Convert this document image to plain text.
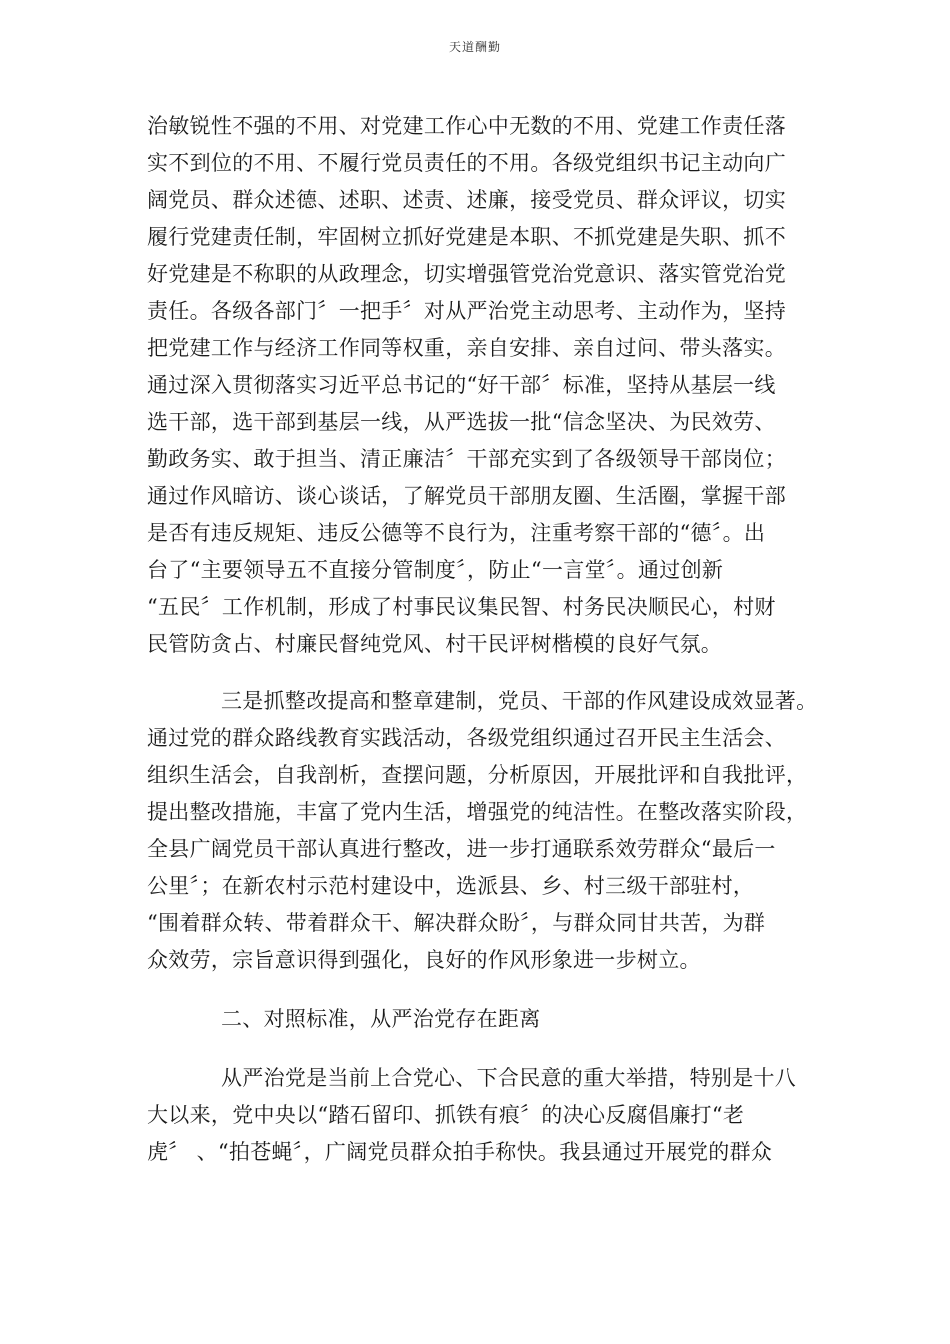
天道酬勤
治敏锐性不强的不用、对党建工作心中无数的不用、党建工作责任落
实不到位的不用、不履行党员责任的不用。各级党组织书记主动向广
阔党员、群众述德、述职、述责、述廉，接受党员、群众评议，切实
履行党建责任制，牢固树立抓好党建是本职、不抓党建是失职、抓不
好党建是不称职的从政理念，切实增强管党治党意识、落实管党治党
责任。各级各部门〞一把手〞对从严治党主动思考、主动作为，坚持
把党建工作与经济工作同等权重，亲自安排、亲自过问、带头落实。
通过深入贯彻落实习近平总书记的“好干部〞标准，坚持从基层一线
选干部，选干部到基层一线，从严选拔一批“信念坚决、为民效劳、
勤政务实、敢于担当、清正廉洁〞干部充实到了各级领导干部岗位；
通过作风暗访、谈心谈话，了解党员干部朋友圈、生活圈，掌握干部
是否有违反规矩、违反公德等不良行为，注重考察干部的“德〞。出
台了“主要领导五不直接分管制度〞，防止“一言堂〞。通过创新
“五民〞工作机制，形成了村事民议集民智、村务民决顺民心，村财
民管防贪占、村廉民督纯党风、村干民评树楷模的良好气氛。
三是抓整改提高和整章建制，党员、干部的作风建设成效显著。
通过党的群众路线教育实践活动，各级党组织通过召开民主生活会、
组织生活会，自我剖析，查摆问题，分析原因，开展批评和自我批评，
提出整改措施，丰富了党内生活，增强党的纯洁性。在整改落实阶段，
全县广阔党员干部认真进行整改，进一步打通联系效劳群众“最后一
公里〞；在新农村示范村建设中，选派县、乡、村三级干部驻村，
“围着群众转、带着群众干、解决群众盼〞，与群众同甘共苦，为群
众效劳，宗旨意识得到强化，良好的作风形象进一步树立。
二、对照标准，从严治党存在距离
从严治党是当前上合党心、下合民意的重大举措，特别是十八
大以来，党中央以“踏石留印、抓铁有痕〞的决心反腐倡廉打“老
虎〞 、“拍苍蝇〞，广阔党员群众拍手称快。我县通过开展党的群众
